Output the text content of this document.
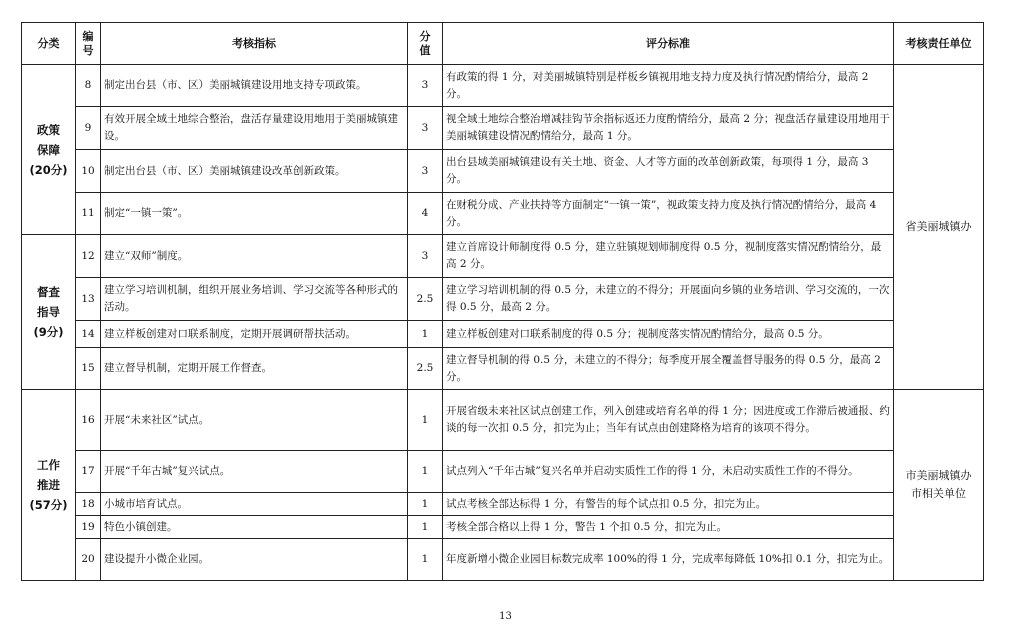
分类	编号	考核指标	分值	评分标准	考核责任单位

政策
保障
(20分)	8	制定出台县（市、区）美丽城镇建设用地支持专项政策。	3	有政策的得 1 分，对美丽城镇特别是样板乡镇视用地支持力度及执行情况酌情给分，最高 2 分。	省美丽城镇办

	9	有效开展全域土地综合整治，盘活存量建设用地用于美丽城镇建设。	3	视全域土地综合整治增减挂钩节余指标返还力度酌情给分，最高 2 分；视盘活存量建设用地用于美丽城镇建设情况酌情给分，最高 1 分。	
	10	制定出台县（市、区）美丽城镇建设改革创新政策。	3	出台县域美丽城镇建设有关土地、资金、人才等方面的改革创新政策，每项得 1 分，最高 3 分。	
	11	制定“一镇一策”。	4	在财税分成、产业扶持等方面制定“一镇一策”，视政策支持力度及执行情况酌情给分，最高 4 分。	

督查
指导
(9分)	12	建立“双师”制度。	3	建立首席设计师制度得 0.5 分，建立驻镇规划师制度得 0.5 分，视制度落实情况酌情给分，最高 2 分。	
	13	建立学习培训机制，组织开展业务培训、学习交流等各种形式的活动。	2.5	建立学习培训机制的得 0.5 分，未建立的不得分；开展面向乡镇的业务培训、学习交流的，一次得 0.5 分，最高 2 分。	
	14	建立样板创建对口联系制度，定期开展调研帮扶活动。	1	建立样板创建对口联系制度的得 0.5 分；视制度落实情况酌情给分，最高 0.5 分。	
	15	建立督导机制，定期开展工作督查。	2.5	建立督导机制的得 0.5 分，未建立的不得分；每季度开展全覆盖督导服务的得 0.5 分，最高 2 分。	

工作
推进
(57分)	16	开展“未来社区”试点。	1	开展省级未来社区试点创建工作，列入创建或培育名单的得 1 分；因进度或工作滞后被通报、约谈的每一次扣 0.5 分，扣完为止；当年有试点由创建降格为培育的该项不得分。	市美丽城镇办
市相关单位

	17	开展“千年古城”复兴试点。	1	试点列入“千年古城”复兴名单并启动实质性工作的得 1 分，未启动实质性工作的不得分。	
	18	小城市培育试点。	1	试点考核全部达标得 1 分，有警告的每个试点扣 0.5 分，扣完为止。	
	19	特色小镇创建。	1	考核全部合格以上得 1 分，警告 1 个扣 0.5 分，扣完为止。	
	20	建设提升小微企业园。	1	年度新增小微企业园目标数完成率 100%的得 1 分，完成率每降低 10%扣 0.1 分，扣完为止。	
13
